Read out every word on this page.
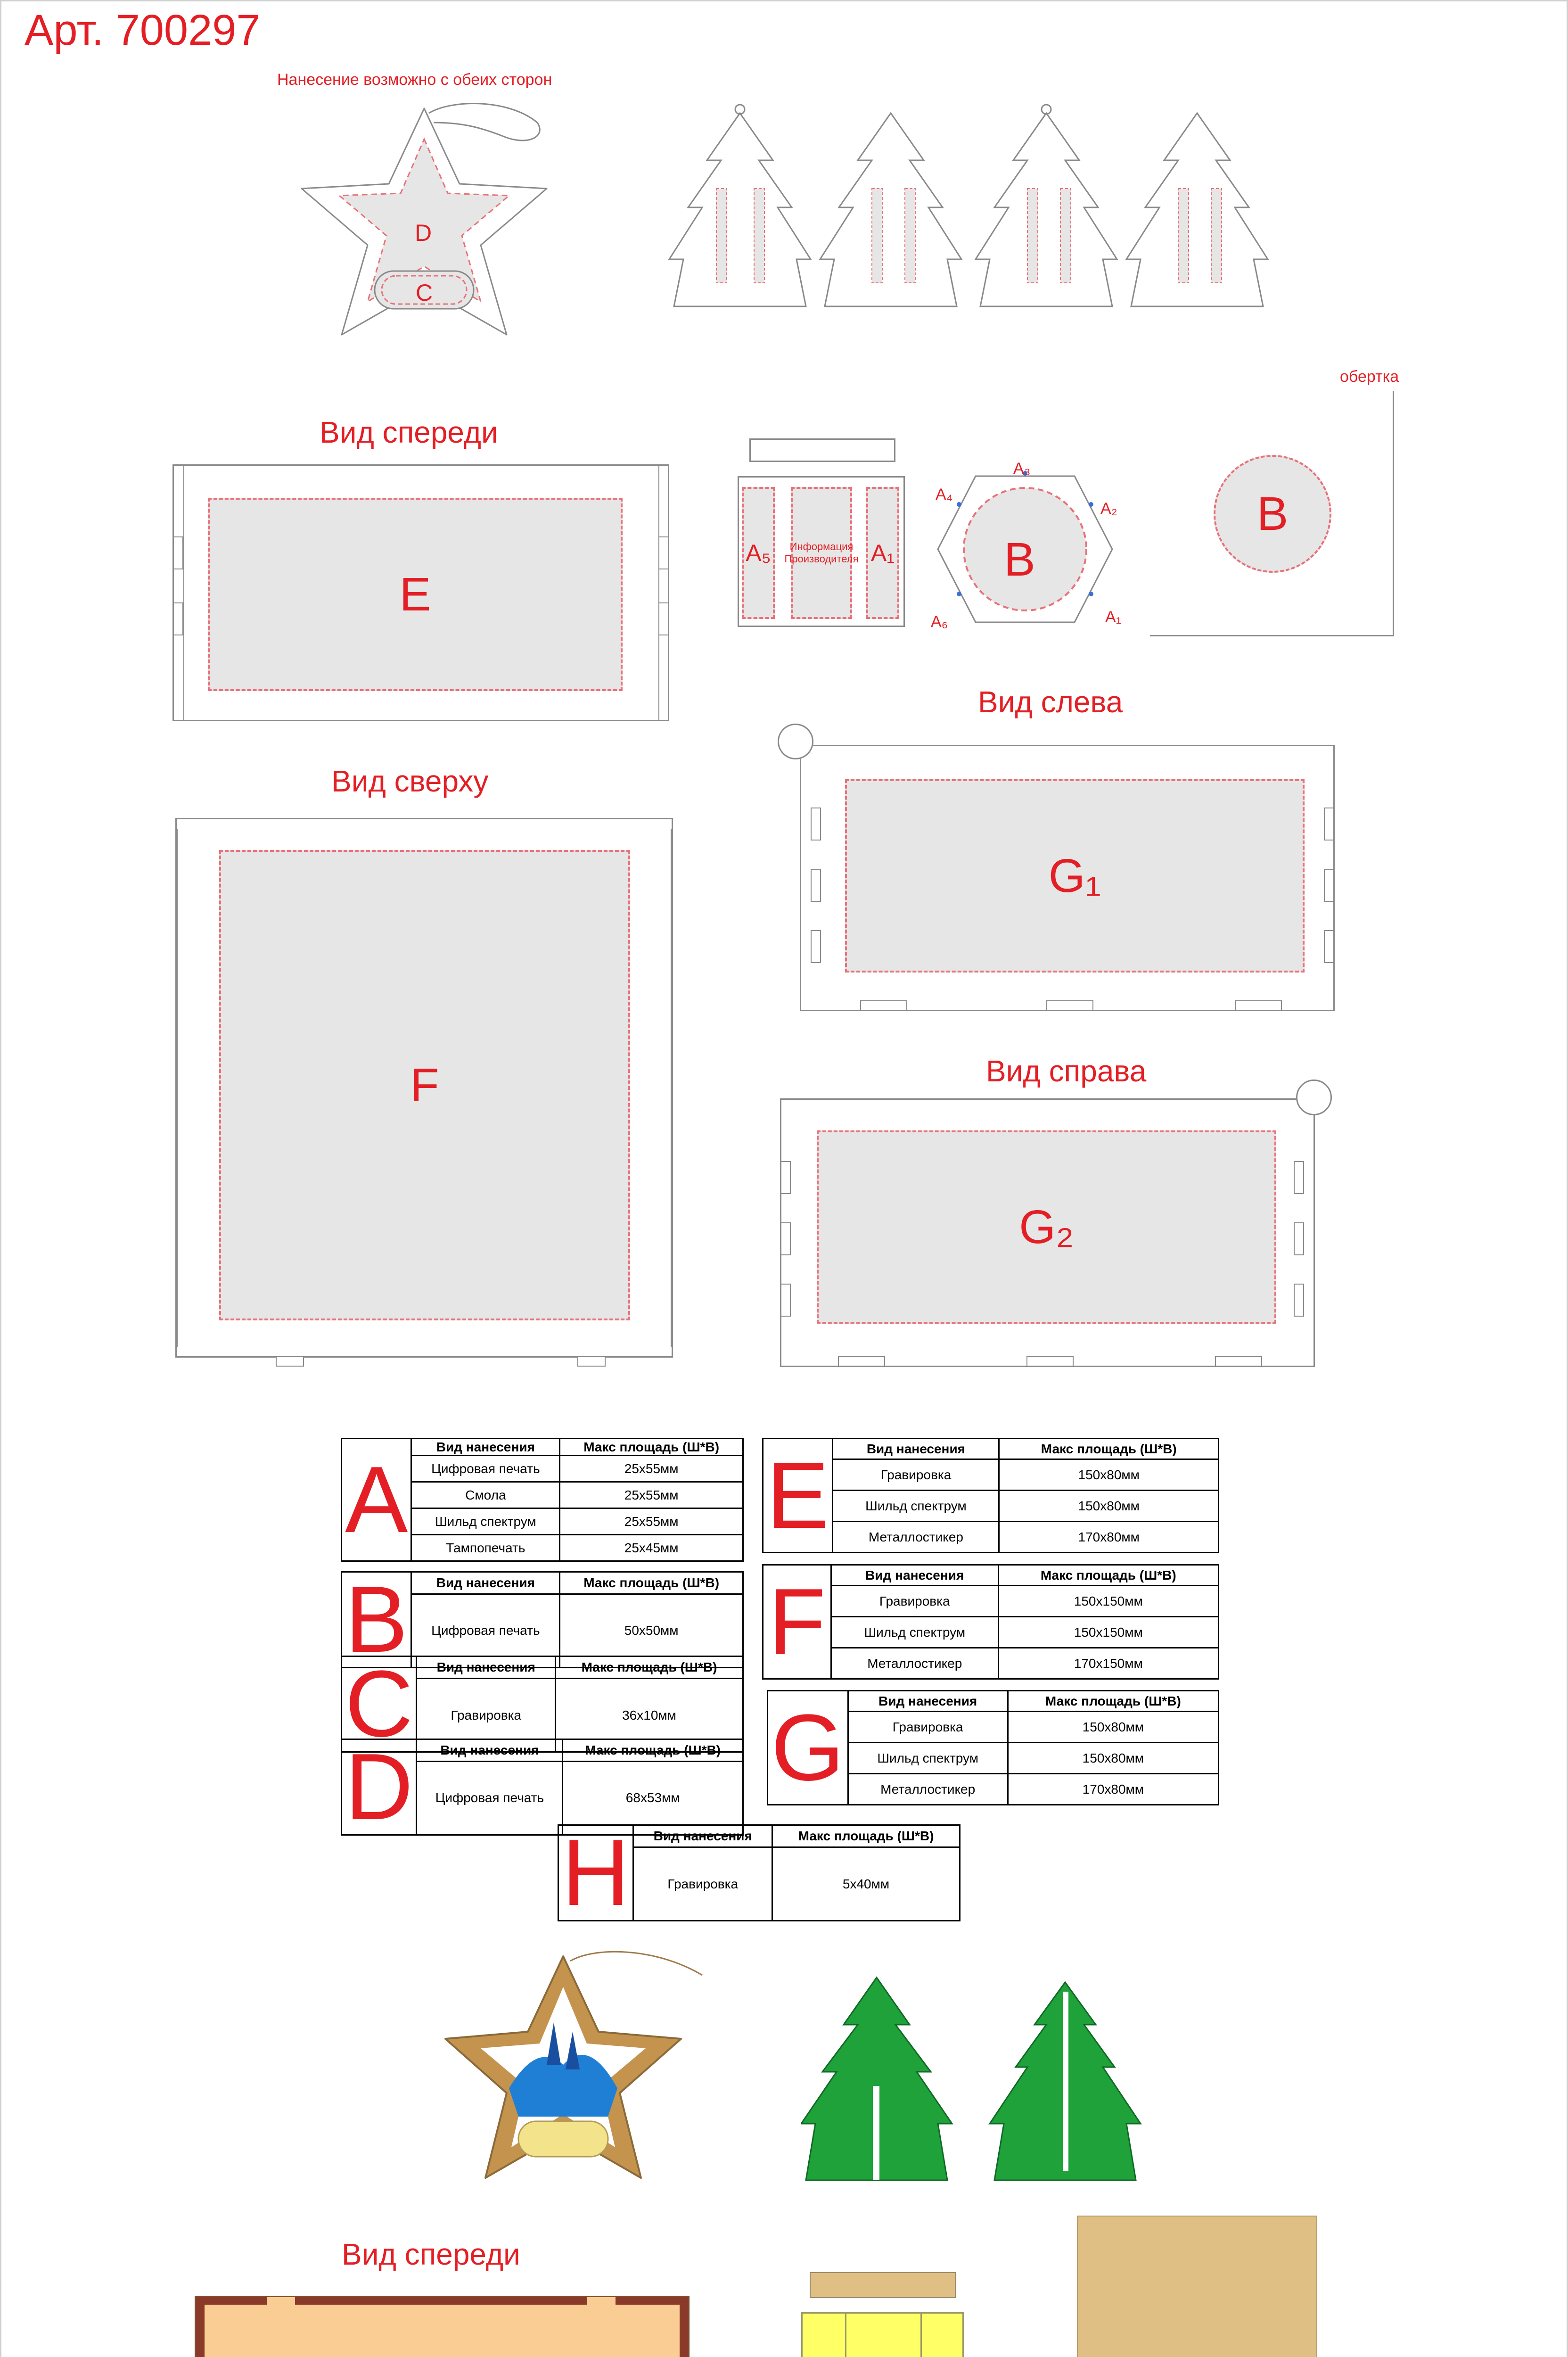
Арт. 700297
Нанесение возможно с обеих сторон
D
C
Вид спереди
E
Вид сверху
F
A₅	Информация Производителя A₁ B
A₃
A₄
A₂
A₆	A₁
обертка
B
Вид слева
G₁
Вид справа
G₂
A	Вид нанесения	Макс площадь (Ш*В)
	Цифровая печать	25x55мм
	Смола	25x55мм
	Шильд спектрум	25x55мм
	Тампопечать	25x45мм
B	Вид нанесения	Макс площадь (Ш*В)
	Цифровая печать	50x50мм
C	Вид нанесения	Макс площадь (Ш*В)
	Гравировка	36x10мм
D	Вид нанесения	Макс площадь (Ш*В)
	Цифровая печать	68x53мм
E	Вид нанесения	Макс площадь (Ш*В)
	Гравировка	150x80мм
	Шильд спектрум	150x80мм
	Металлостикер	170x80мм
F	Вид нанесения	Макс площадь (Ш*В)
	Гравировка	150x150мм
	Шильд спектрум	150x150мм
	Металлостикер	170x150мм
G	Вид нанесения	Макс площадь (Ш*В)
	Гравировка	150x80мм
	Шильд спектрум	150x80мм
	Металлостикер	170x80мм
H	Вид нанесения	Макс площадь (Ш*В)
	Гравировка	5x40мм
Вид спереди
